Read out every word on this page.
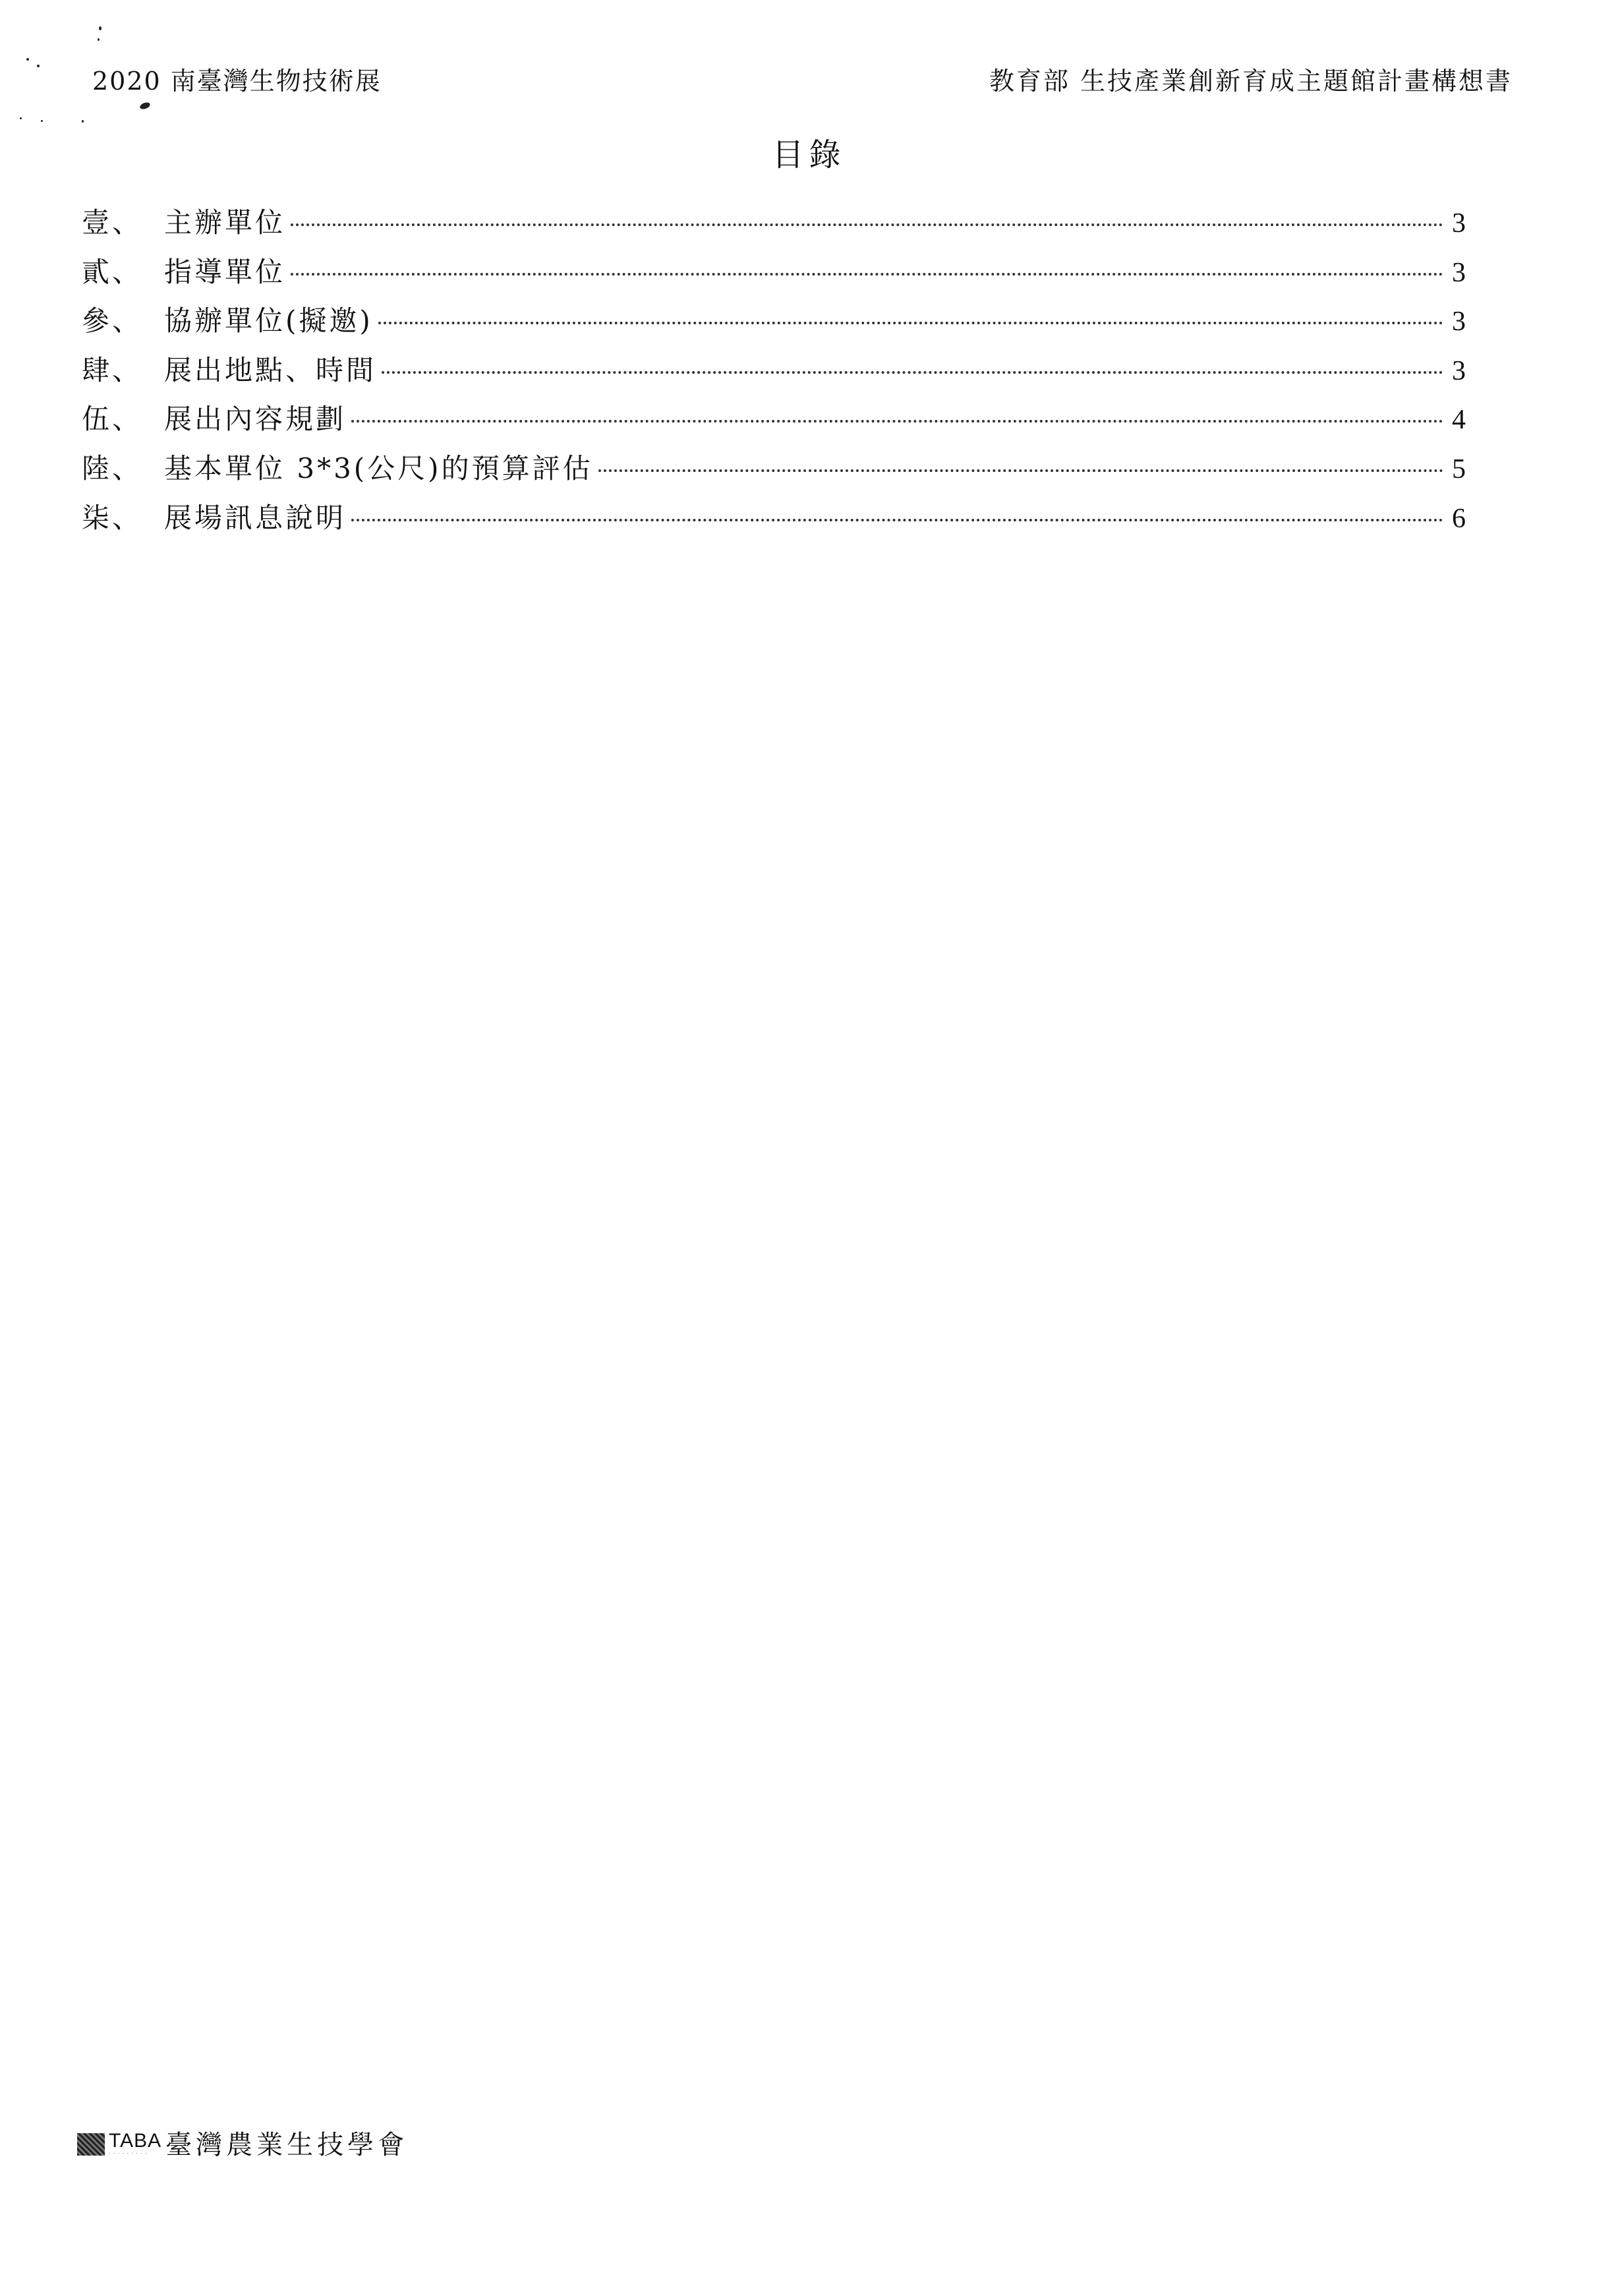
2020 南臺灣生物技術展	教育部 生技產業創新育成主題館計畫構想書
目錄
壹、 主辦單位	3
貳、 指導單位	3
參、 協辦單位(擬邀)	3
肆、 展出地點、時間	3
伍、 展出內容規劃	4
陸、 基本單位 3*3(公尺)的預算評估	5
柒、 展場訊息說明	6
TABA
· · · · · · · · · 臺灣農業生技學會
